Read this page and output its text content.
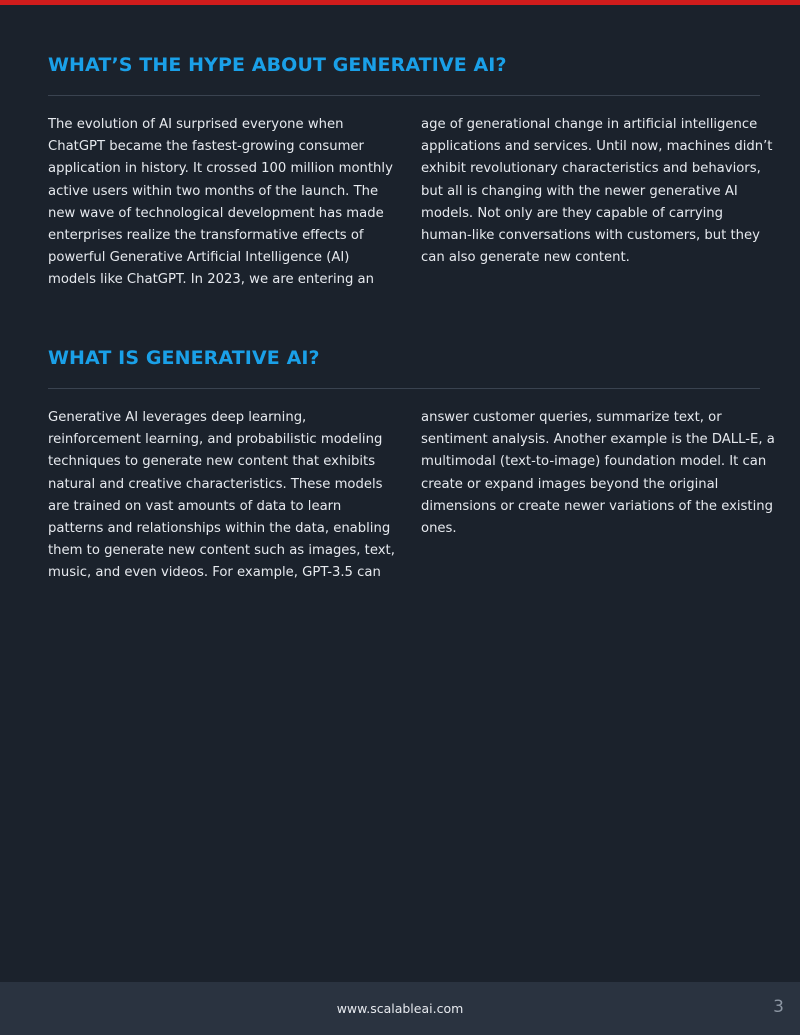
WHAT’S THE HYPE ABOUT GENERATIVE AI?
The evolution of AI surprised everyone when
ChatGPT became the fastest-growing consumer
application in history. It crossed 100 million monthly
active users within two months of the launch. The
new wave of technological development has made
enterprises realize the transformative effects of
powerful Generative Artificial Intelligence (AI)
models like ChatGPT. In 2023, we are entering an
age of generational change in artificial intelligence
applications and services. Until now, machines didn’t
exhibit revolutionary characteristics and behaviors,
but all is changing with the newer generative AI
models. Not only are they capable of carrying
human-like conversations with customers, but they
can also generate new content.
WHAT IS GENERATIVE AI?
Generative AI leverages deep learning,
reinforcement learning, and probabilistic modeling
techniques to generate new content that exhibits
natural and creative characteristics. These models
are trained on vast amounts of data to learn
patterns and relationships within the data, enabling
them to generate new content such as images, text,
music, and even videos. For example, GPT-3.5 can
answer customer queries, summarize text, or
sentiment analysis. Another example is the DALL-E, a
multimodal (text-to-image) foundation model. It can
create or expand images beyond the original
dimensions or create newer variations of the existing
ones.
www.scalableai.com	3
